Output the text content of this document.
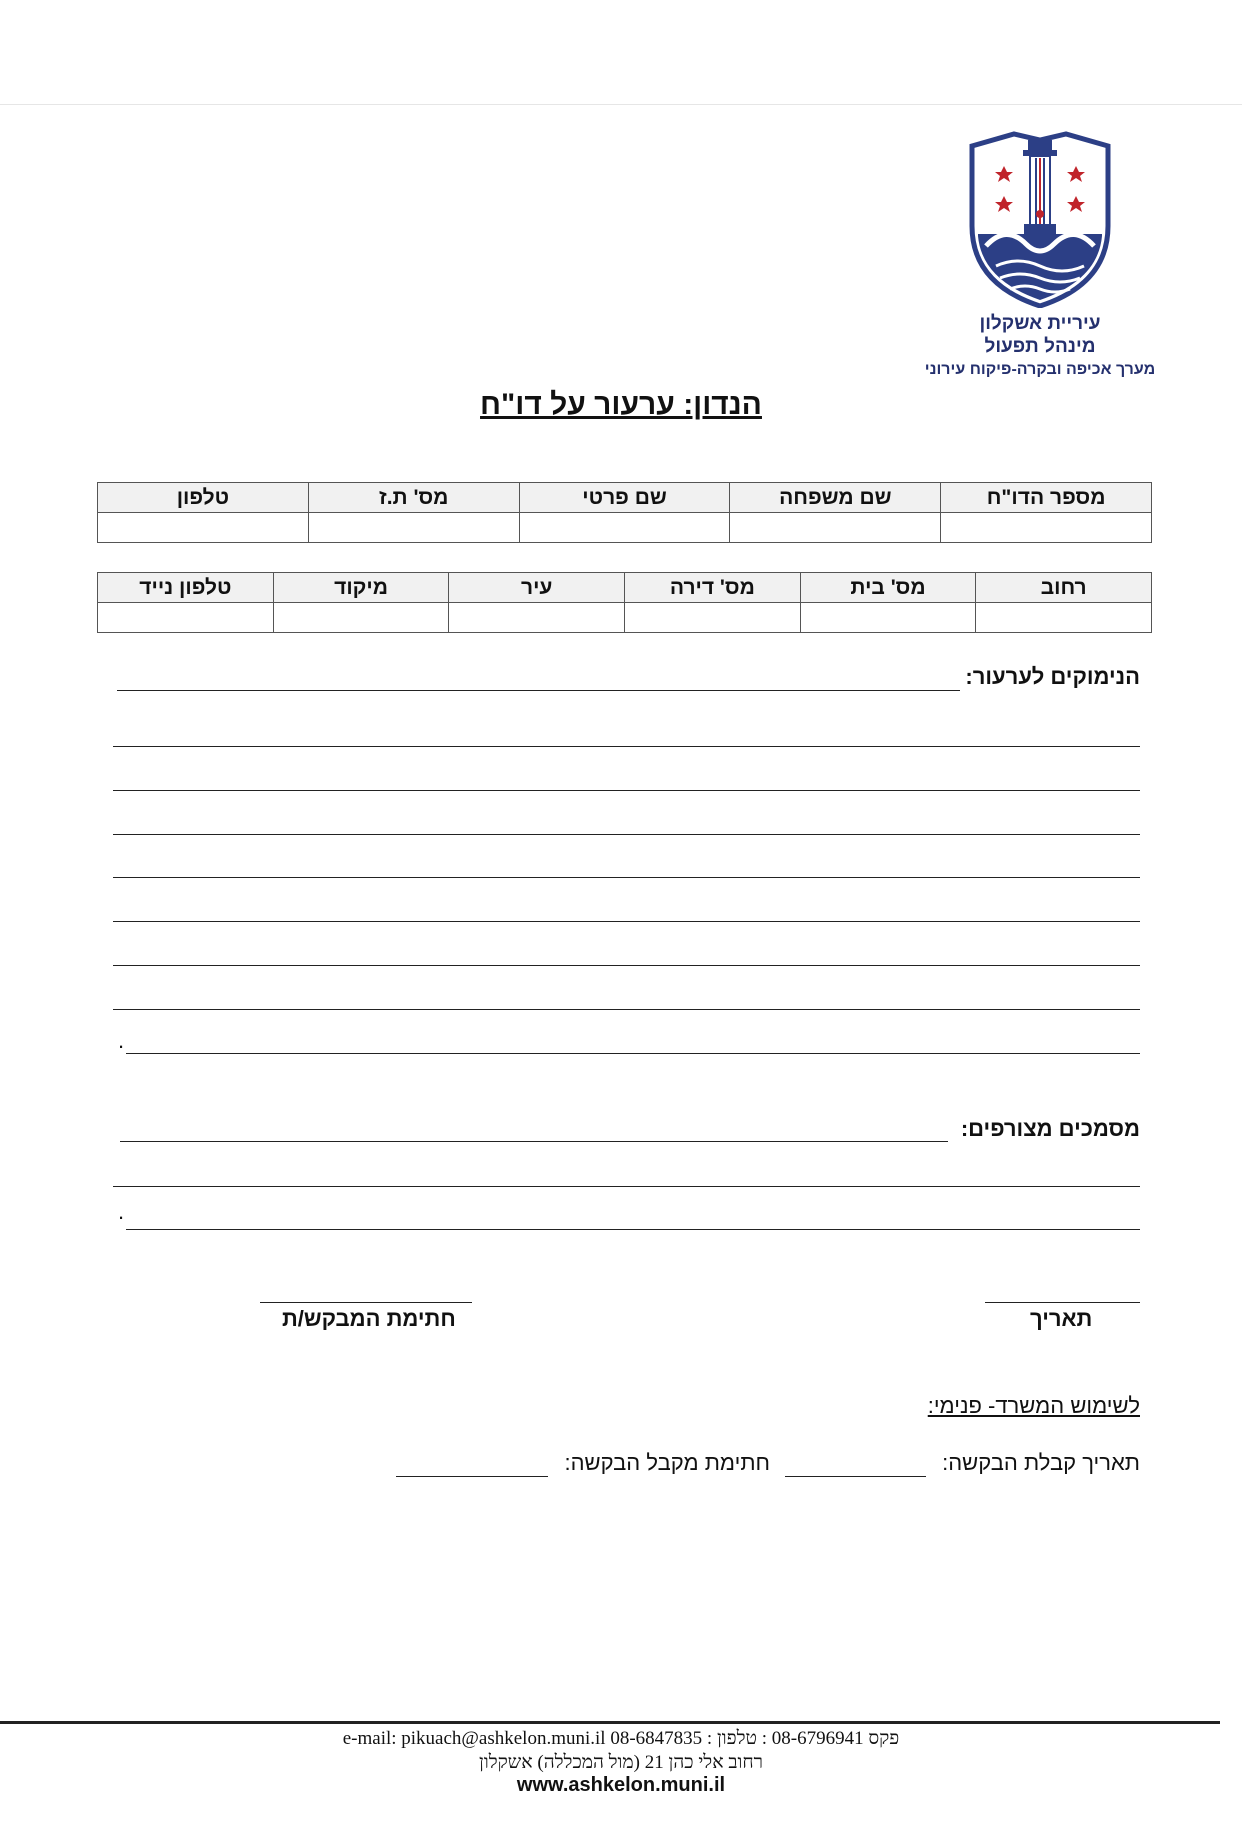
עיריית אשקלון
מינהל תפעול
מערך אכיפה ובקרה-פיקוח עירוני
הנדון: ערעור על דו"ח
מספר הדו"ח	שם משפחה	שם פרטי	מס' ת.ז	טלפון

רחוב	מס' בית	מס' דירה	עיר	מיקוד	טלפון נייד

הנימוקים לערעור:
.
מסמכים מצורפים:
.
תאריך
חתימת המבקש/ת
לשימוש המשרד- פנימי:
תאריך קבלת הבקשה:
חתימת מקבל הבקשה:
e-mail: pikuach@ashkelon.muni.il 08-6847835 : פקס 08-6796941 : טלפון
רחוב אלי כהן 21 (מול המכללה) אשקלון
www.ashkelon.muni.il
